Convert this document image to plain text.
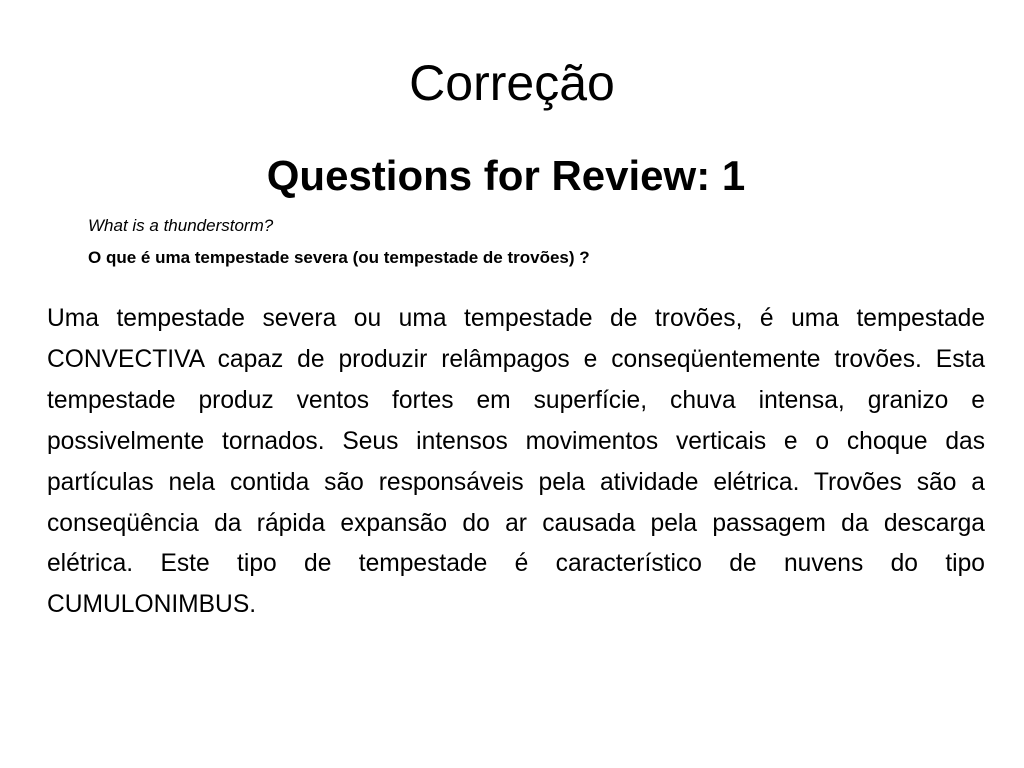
Correção
Questions for Review: 1
What is a thunderstorm?
O que é uma tempestade severa (ou tempestade de trovões) ?

Uma tempestade severa ou uma tempestade de trovões, é uma tempestade CONVECTIVA capaz de produzir relâmpagos e conseqüentemente trovões. Esta tempestade produz ventos fortes em superfície, chuva intensa, granizo e possivelmente tornados. Seus intensos movimentos verticais e o choque das partículas nela contida são responsáveis pela atividade elétrica. Trovões são a conseqüência da rápida expansão do ar causada pela passagem da descarga elétrica. Este tipo de tempestade é característico de nuvens do tipo CUMULONIMBUS.
